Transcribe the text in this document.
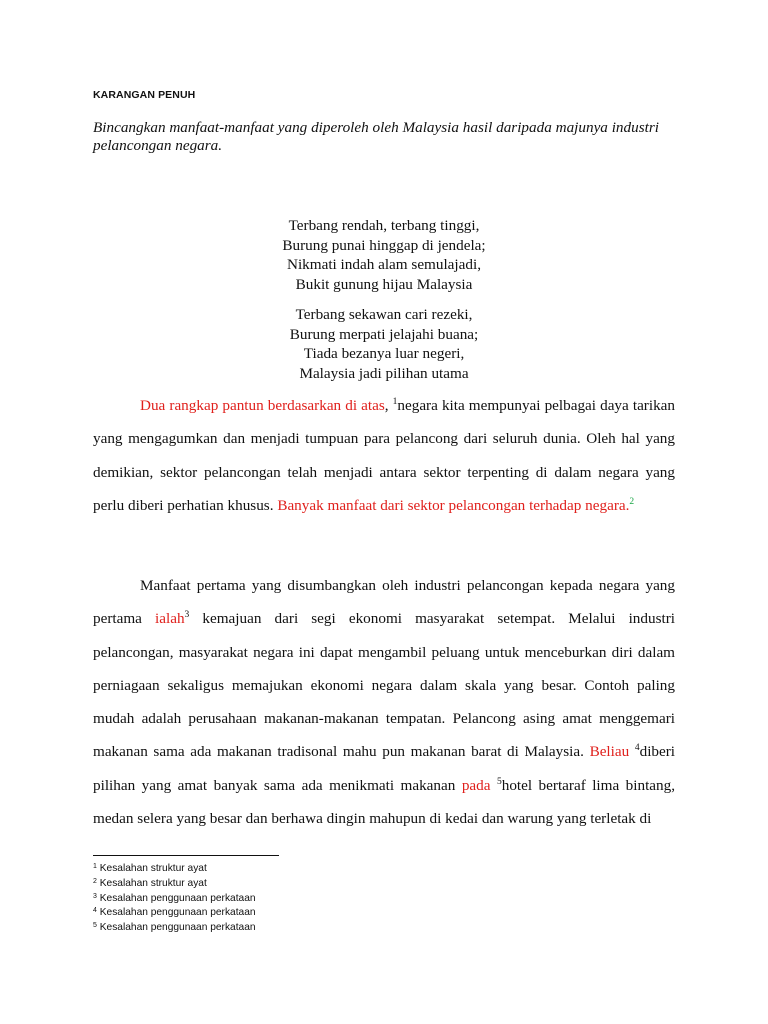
KARANGAN PENUH
Bincangkan manfaat-manfaat yang diperoleh oleh Malaysia hasil daripada majunya industri pelancongan negara.
Terbang rendah, terbang tinggi,
Burung punai hinggap di jendela;
Nikmati indah alam semulajadi,
Bukit gunung hijau Malaysia
Terbang sekawan cari rezeki,
Burung merpati jelajahi buana;
Tiada bezanya luar negeri,
Malaysia jadi pilihan utama
Dua rangkap pantun berdasarkan di atas, $^1$negara kita mempunyai pelbagai daya tarikan yang mengagumkan dan menjadi tumpuan para pelancong dari seluruh dunia. Oleh hal yang demikian, sektor pelancongan telah menjadi antara sektor terpenting di dalam negara yang perlu diberi perhatian khusus. Banyak manfaat dari sektor pelancongan terhadap negara.$^2$
Manfaat pertama yang disumbangkan oleh industri pelancongan kepada negara yang pertama ialah$^3$ kemajuan dari segi ekonomi masyarakat setempat. Melalui industri pelancongan, masyarakat negara ini dapat mengambil peluang untuk menceburkan diri dalam perniagaan sekaligus memajukan ekonomi negara dalam skala yang besar. Contoh paling mudah adalah perusahaan makanan-makanan tempatan. Pelancong asing amat menggemari makanan sama ada makanan tradisonal mahu pun makanan barat di Malaysia. Beliau $^4$diberi pilihan yang amat banyak sama ada menikmati makanan pada $^5$hotel bertaraf lima bintang, medan selera yang besar dan berhawa dingin mahupun di kedai dan warung yang terletak di
$^1$ Kesalahan struktur ayat
$^2$ Kesalahan struktur ayat
$^3$ Kesalahan penggunaan perkataan
$^4$ Kesalahan penggunaan perkataan
$^5$ Kesalahan penggunaan perkataan
